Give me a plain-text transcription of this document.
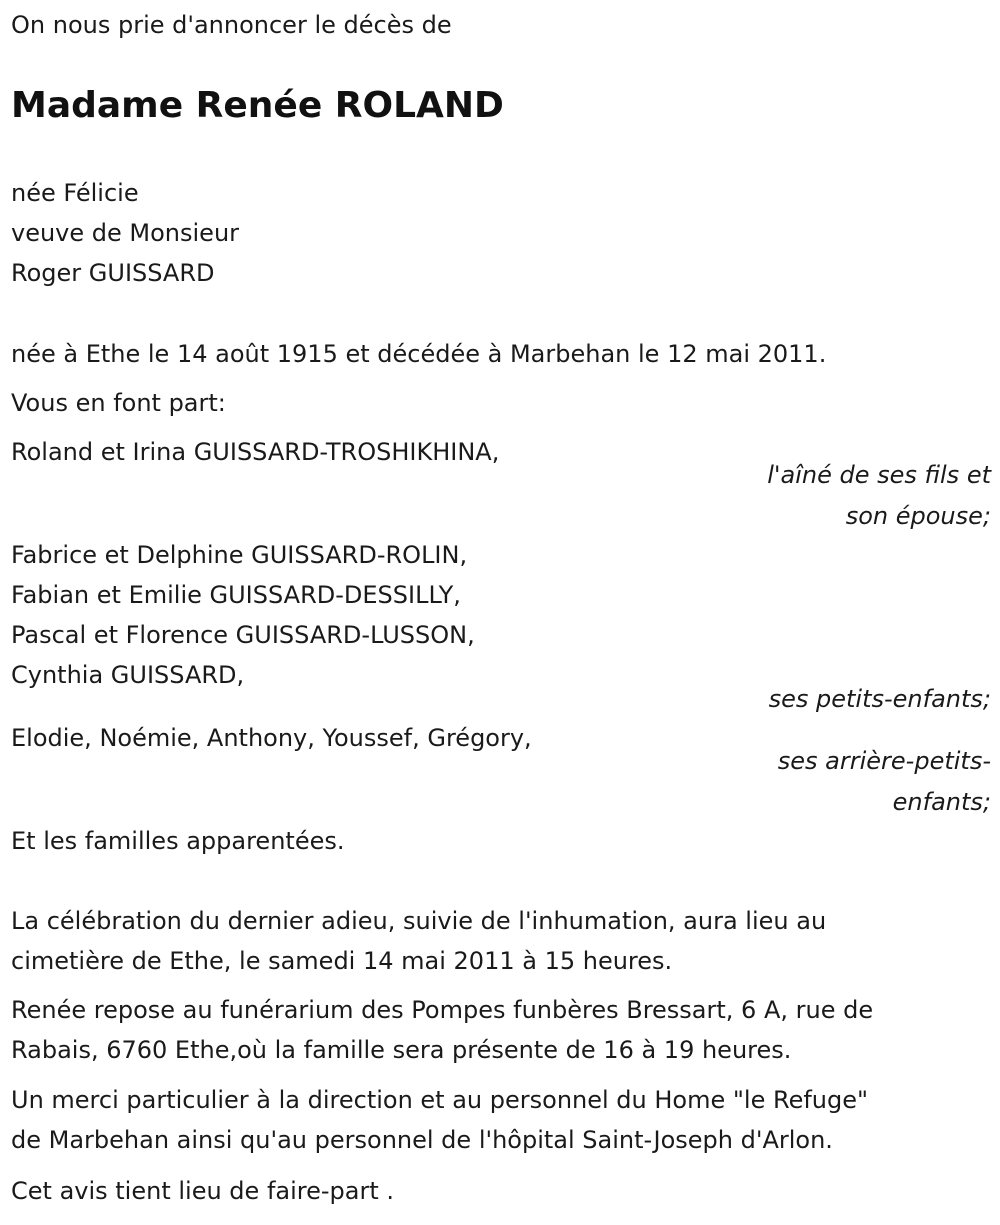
On nous prie d'annoncer le décès de
Madame Renée ROLAND
née Félicie
veuve de Monsieur
Roger GUISSARD
née à Ethe le 14 août 1915 et décédée à Marbehan le 12 mai 2011.
Vous en font part:
Roland et Irina GUISSARD-TROSHIKHINA,
l'aîné de ses fils et
son épouse;
Fabrice et Delphine GUISSARD-ROLIN,
Fabian et Emilie GUISSARD-DESSILLY,
Pascal et Florence GUISSARD-LUSSON,
Cynthia GUISSARD,
ses petits-enfants;
Elodie, Noémie, Anthony, Youssef, Grégory,
ses arrière-petits-
enfants;
Et les familles apparentées.
La célébration du dernier adieu, suivie de l'inhumation, aura lieu au
cimetière de Ethe, le samedi 14 mai 2011 à 15 heures.
Renée repose au funérarium des Pompes funbères Bressart, 6 A, rue de
Rabais, 6760 Ethe,où la famille sera présente de 16 à 19 heures.
Un merci particulier à la direction et au personnel du Home "le Refuge"
de Marbehan ainsi qu'au personnel de l'hôpital Saint-Joseph d'Arlon.
Cet avis tient lieu de faire-part .
